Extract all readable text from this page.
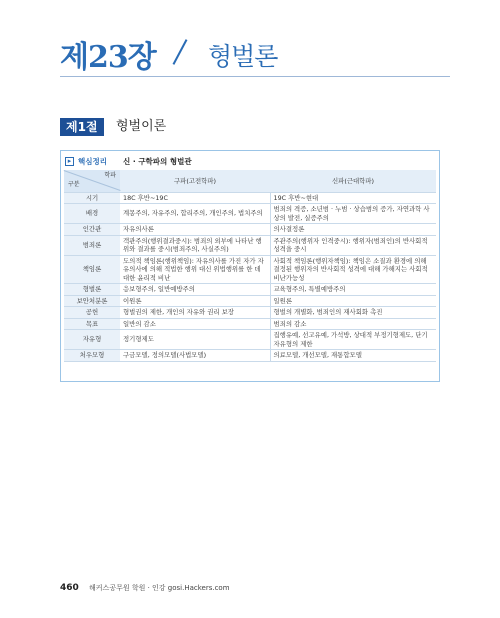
제23장 형벌론
제1절	형벌이론
▸ 핵심정리 신 · 구학파의 형벌관
학파
구분	구파(고전학파)	신파(근대학파)
시기	18C 후반~19C	19C 후반~현대
배경	계몽주의, 자유주의, 합리주의, 개인주의, 법치주의	범죄의 격증, 소년범 · 누범 · 상습범의 증가, 자연과학 사상의 발전, 실증주의
인간관	자유의사론	의사결정론
범죄론	객관주의(행위결과중시): 범죄의 외부에 나타난 행위와 결과를 중시(범죄주의, 사실주의)	주관주의(행위자 인격중시): 행위자(범죄인)의 반사회적 성격을 중시
책임론	도의적 책임론(행위책임): 자유의사를 가진 자가 자유의사에 의해 적법한 행위 대신 위법행위를 한 데 대한 윤리적 비난	사회적 책임론(행위자책임): 책임은 소질과 환경에 의해 결정된 행위자의 반사회적 성격에 대해 가해지는 사회적 비난가능성
형벌론	응보형주의, 일반예방주의	교육형주의, 특별예방주의
보안처분론	이원론	일원론
공헌	형벌권의 제한, 개인의 자유와 권리 보장	형벌의 개별화, 범죄인의 재사회화 촉진
목표	일반의 감소	범죄의 감소
자유형	정기형제도	집행유예, 선고유예, 가석방, 상대적 부정기형제도, 단기자유형의 제한
처우모형	구금모델, 정의모델(사법모델)	의료모델, 개선모델, 재통합모델
460 해커스공무원 학원 · 인강 gosi.Hackers.com
